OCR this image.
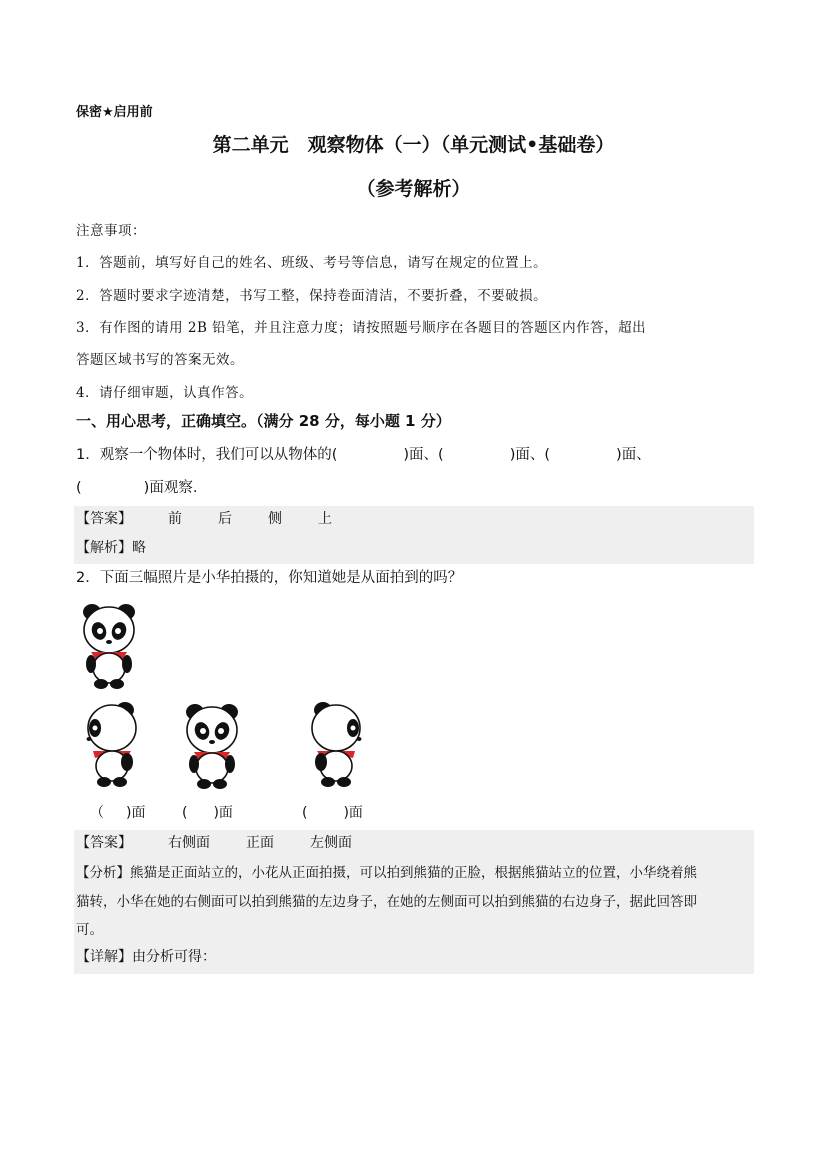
保密★启用前
第二单元　观察物体（一）（单元测试•基础卷）
（参考解析）
注意事项：
1．答题前，填写好自己的姓名、班级、考号等信息，请写在规定的位置上。
2．答题时要求字迹清楚，书写工整，保持卷面清洁，不要折叠，不要破损。
3．有作图的请用 2B 铅笔，并且注意力度；请按照题号顺序在各题目的答题区内作答，超出
答题区域书写的答案无效。
4．请仔细审题，认真作答。
一、用心思考，正确填空。（满分 28 分，每小题 1 分）
1．观察一个物体时，我们可以从物体的(	)面、(	)面、(	)面、
(	)面观察.
【答案】	前	后	侧	上
【解析】略
2．下面三幅照片是小华拍摄的，你知道她是从面拍到的吗？
（ )面	( )面	(	)面
【答案】	右侧面	正面	左侧面
【分析】熊猫是正面站立的，小花从正面拍摄，可以拍到熊猫的正脸，根据熊猫站立的位置，小华绕着熊
猫转，小华在她的右侧面可以拍到熊猫的左边身子，在她的左侧面可以拍到熊猫的右边身子，据此回答即
可。
【详解】由分析可得：
